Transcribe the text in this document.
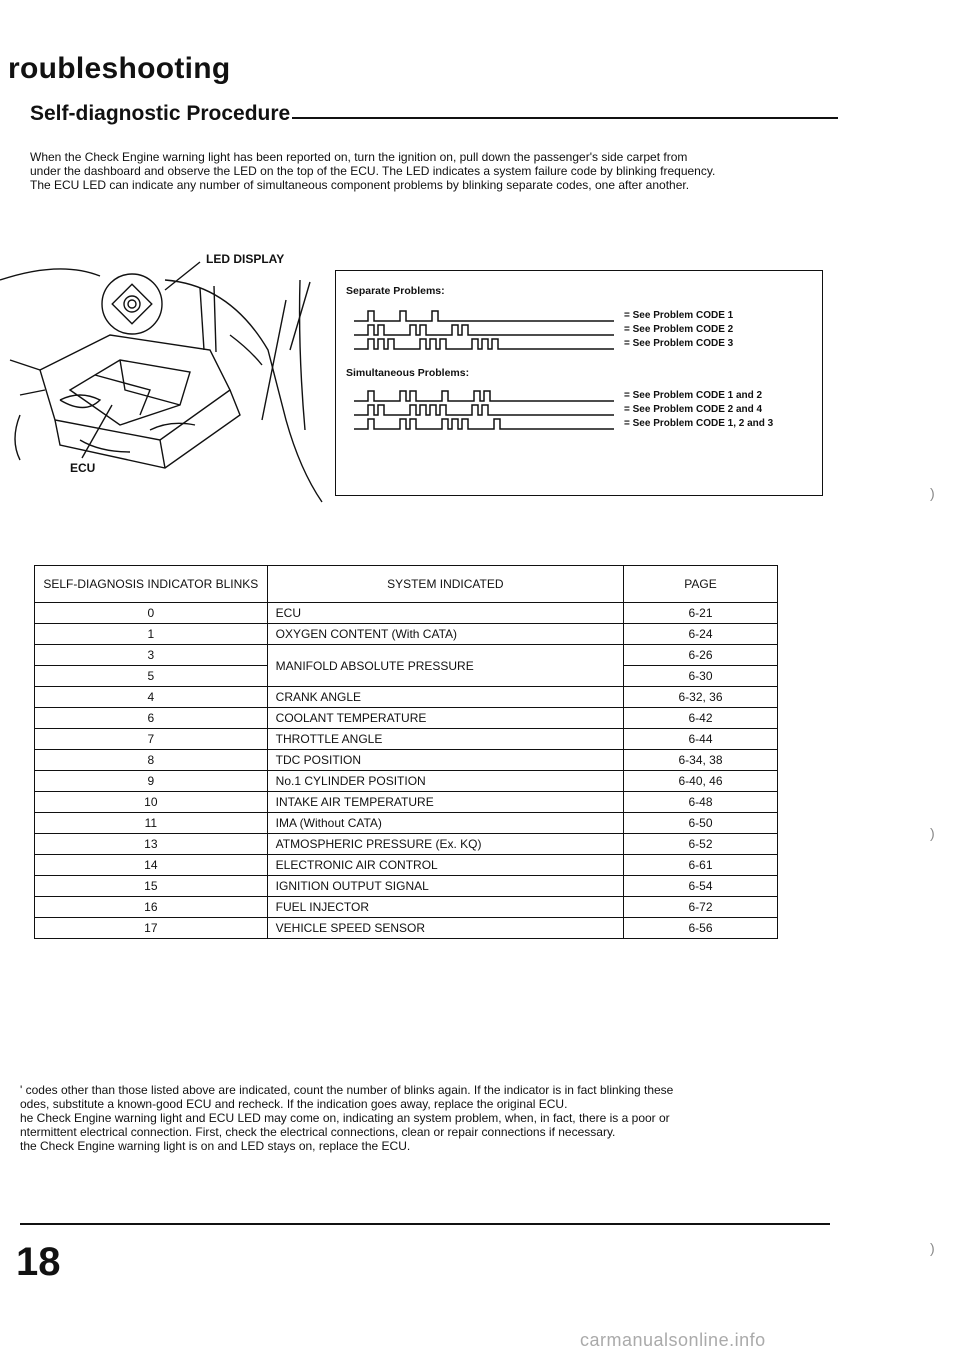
roubleshooting
Self-diagnostic Procedure

When the Check Engine warning light has been reported on, turn the ignition on, pull down the passenger's side carpet from

under the dashboard and observe the LED on the top of the ECU. The LED indicates a system failure code by blinking frequency.

The ECU LED can indicate any number of simultaneous component problems by blinking separate codes, one after another.

LED DISPLAY
ECU
Separate Problems:
= See Problem CODE 1
= See Problem CODE 2
= See Problem CODE 3
Simultaneous Problems:
= See Problem CODE 1 and 2
= See Problem CODE 2 and 4
= See Problem CODE 1, 2 and 3
SELF-DIAGNOSIS INDICATOR BLINKS	SYSTEM INDICATED	PAGE
0	ECU	6-21
1	OXYGEN CONTENT (With CATA)	6-24
3	MANIFOLD ABSOLUTE PRESSURE	6-26
5		6-30
4	CRANK ANGLE	6-32, 36
6	COOLANT TEMPERATURE	6-42
7	THROTTLE ANGLE	6-44
8	TDC POSITION	6-34, 38
9	No.1 CYLINDER POSITION	6-40, 46
10	INTAKE AIR TEMPERATURE	6-48
11	IMA (Without CATA)	6-50
13	ATMOSPHERIC PRESSURE (Ex. KQ)	6-52
14	ELECTRONIC AIR CONTROL	6-61
15	IGNITION OUTPUT SIGNAL	6-54
16	FUEL INJECTOR	6-72
17	VEHICLE SPEED SENSOR	6-56

' codes other than those listed above are indicated, count the number of blinks again. If the indicator is in fact blinking these

odes, substitute a known-good ECU and recheck. If the indication goes away, replace the original ECU.

he Check Engine warning light and ECU LED may come on, indicating an system problem, when, in fact, there is a poor or

ntermittent electrical connection. First, check the electrical connections, clean or repair connections if necessary.

the Check Engine warning light is on and LED stays on, replace the ECU.

18
)
)
)
carmanualsonline.info
